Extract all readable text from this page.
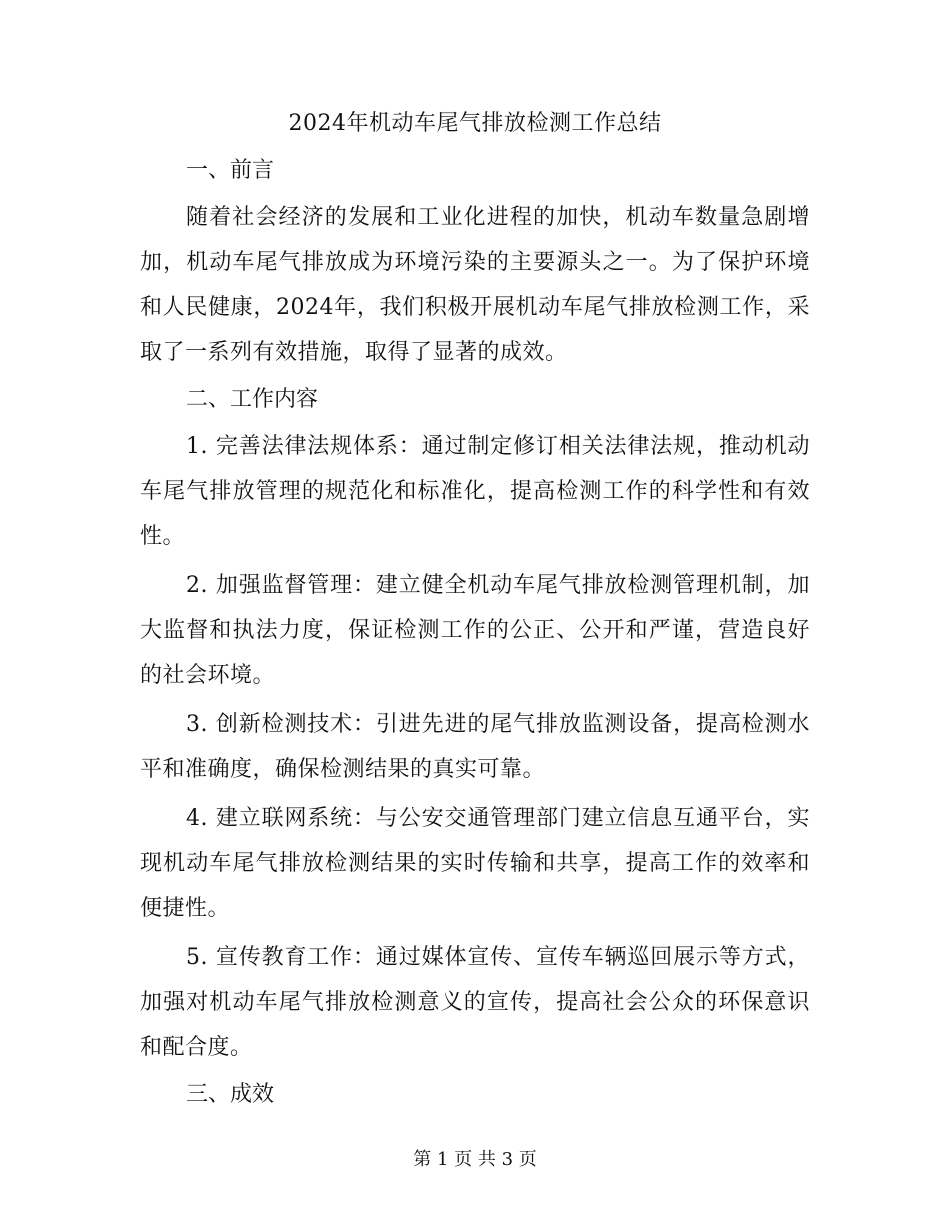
2024年机动车尾气排放检测工作总结

一、前言

随着社会经济的发展和工业化进程的加快，机动车数量急剧增加，机动车尾气排放成为环境污染的主要源头之一。为了保护环境和人民健康，2024年，我们积极开展机动车尾气排放检测工作，采取了一系列有效措施，取得了显著的成效。

二、工作内容

1. 完善法律法规体系：通过制定修订相关法律法规，推动机动车尾气排放管理的规范化和标准化，提高检测工作的科学性和有效性。

2. 加强监督管理：建立健全机动车尾气排放检测管理机制，加大监督和执法力度，保证检测工作的公正、公开和严谨，营造良好的社会环境。

3. 创新检测技术：引进先进的尾气排放监测设备，提高检测水平和准确度，确保检测结果的真实可靠。

4. 建立联网系统：与公安交通管理部门建立信息互通平台，实现机动车尾气排放检测结果的实时传输和共享，提高工作的效率和便捷性。

5. 宣传教育工作：通过媒体宣传、宣传车辆巡回展示等方式，加强对机动车尾气排放检测意义的宣传，提高社会公众的环保意识和配合度。

三、成效

第 1 页 共 3 页
